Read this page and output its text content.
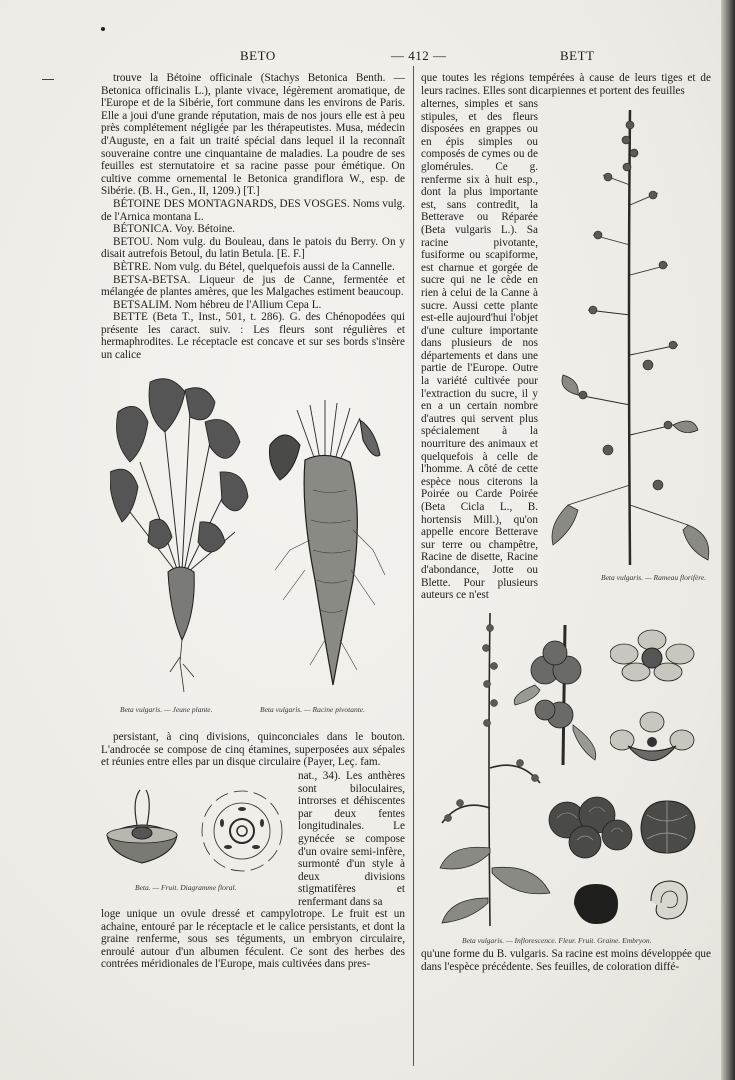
BETO	— 412 —	BETT

trouve la Bétoine officinale (Stachys Betonica Benth. — Betonica officinalis L.), plante vivace, légèrement aromatique, de l'Europe et de la Sibérie, fort commune dans les environs de Paris. Elle a joui d'une grande réputation, mais de nos jours elle est à peu près complétement négligée par les thérapeutistes. Musa, médecin d'Auguste, en a fait un traité spécial dans lequel il la reconnaît souveraine contre une cinquantaine de maladies. La poudre de ses feuilles est sternutatoire et sa racine passe pour émétique. On cultive comme ornemental le Betonica grandiflora W., esp. de Sibérie. (B. H., Gen., II, 1209.) [T.]

BÉTOINE DES MONTAGNARDS, DES VOSGES. Noms vulg. de l'Arnica montana L.

BÉTONICA. Voy. Bétoine.

BETOU. Nom vulg. du Bouleau, dans le patois du Berry. On y disait autrefois Betoul, du latin Betula. [E. F.]

BÈTRE. Nom vulg. du Bétel, quelquefois aussi de la Cannelle.

BETSA-BETSA. Liqueur de jus de Canne, fermentée et mélangée de plantes amères, que les Malgaches estiment beaucoup.

BETSALIM. Nom hébreu de l'Allium Cepa L.

BETTE (Beta T., Inst., 501, t. 286). G. des Chénopodées qui présente les caract. suiv. : Les fleurs sont régulières et hermaphrodites. Le réceptacle est concave et sur ses bords s'insère un calice

Beta vulgaris. — Jeune plante.	Beta vulgaris. — Racine pivotante.

persistant, à cinq divisions, quinconciales dans le bouton. L'androcée se compose de cinq étamines, superposées aux sépales et réunies entre elles par un disque circulaire (Payer, Leç. fam.

Beta. — Fruit. Diagramme floral.

nat., 34). Les anthères sont biloculaires, introrses et déhiscentes par deux fentes longitudinales. Le gynécée se compose d'un ovaire semi-infère, surmonté d'un style à deux divisions stigmatifères et renfermant dans sa

loge unique un ovule dressé et campylotrope. Le fruit est un achaine, entouré par le réceptacle et le calice persistants, et dont la graine renferme, sous ses téguments, un embryon circulaire, enroulé autour d'un albumen féculent. Ce sont des herbes des contrées méridionales de l'Europe, mais cultivées dans pres-

que toutes les régions tempérées à cause de leurs tiges et de leurs racines. Elles sont dicarpiennes et portent des feuilles

alternes, simples et sans stipules, et des fleurs disposées en grappes ou en épis simples ou composés de cymes ou de glomérules. Ce g. renferme six à huit esp., dont la plus importante est, sans contredit, la Betterave ou Réparée (Beta vulgaris L.). Sa racine pivotante, fusiforme ou scapiforme, est charnue et gorgée de sucre qui ne le cède en rien à celui de la Canne à sucre. Aussi cette plante est-elle aujourd'hui l'objet d'une culture importante dans plusieurs de nos départements et dans une partie de l'Europe. Outre la variété cultivée pour l'extraction du sucre, il y en a un certain nombre d'autres qui servent plus spécialement à la nourriture des animaux et quelquefois à celle de l'homme. A côté de cette espèce nous citerons la Poirée ou Carde Poirée (Beta Cicla L., B. hortensis Mill.), qu'on appelle encore Betterave sur terre ou champêtre, Racine de disette, Racine d'abondance, Jotte ou Blette. Pour plusieurs auteurs ce n'est

Beta vulgaris. — Rameau florifère.
Beta vulgaris. — Inflorescence. Fleur. Fruit. Graine. Embryon.

qu'une forme du B. vulgaris. Sa racine est moins développée que dans l'espèce précédente. Ses feuilles, de coloration diffé-
